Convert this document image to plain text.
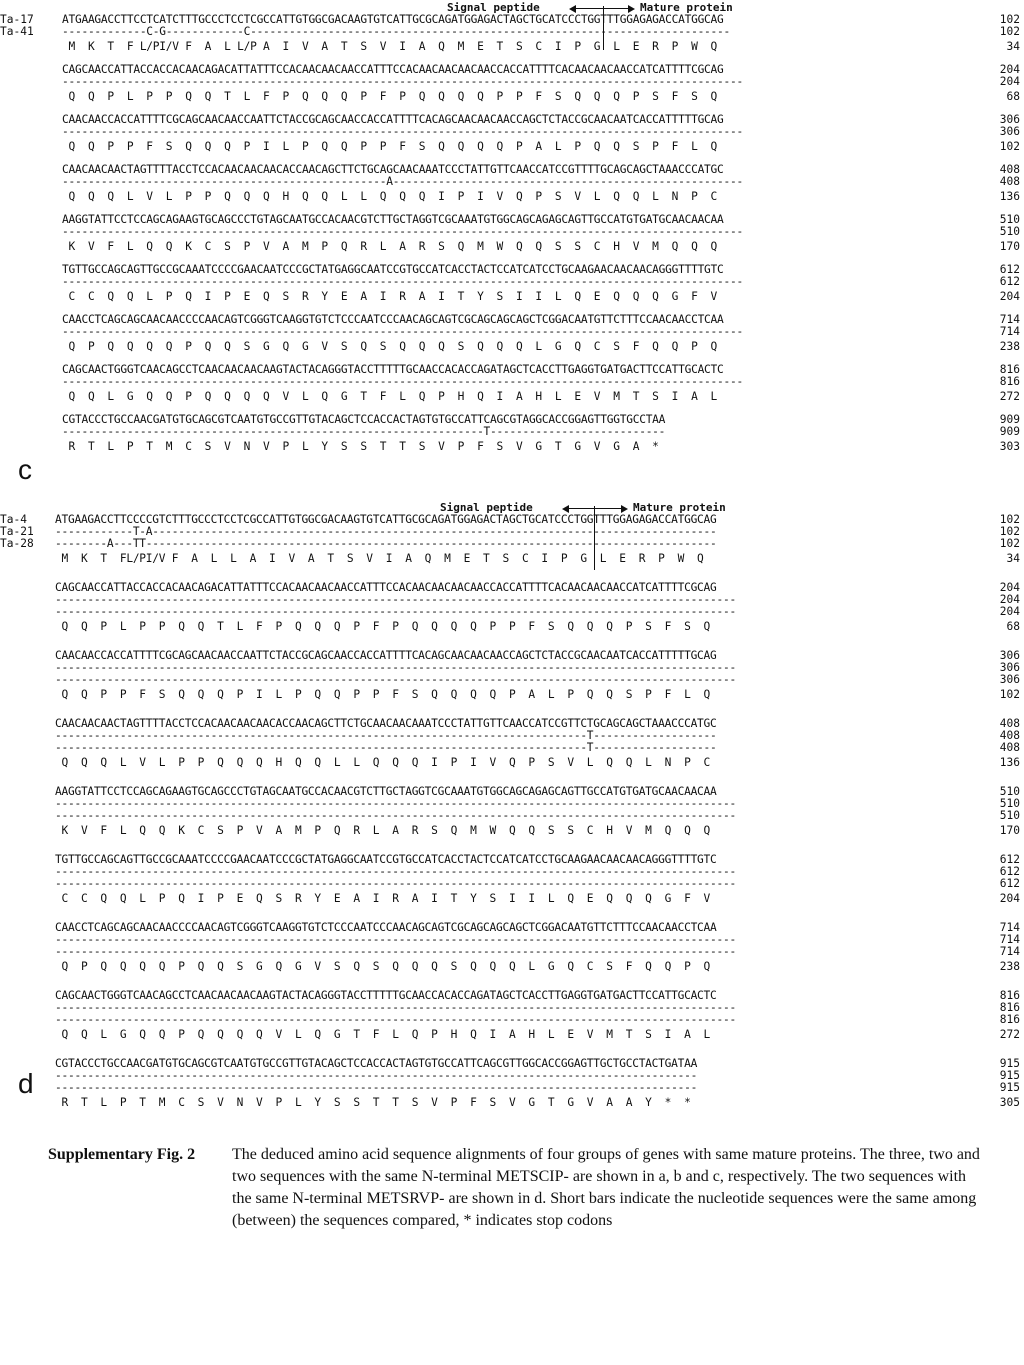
Signal peptide	Mature protein
c
Ta-17	ATGAAGACCTTCCTCATCTTTGCCCTCCTCGCCATTGTGGCGACAAGTGTCATTGCGCAGATGGAGACTAGCTGCATCCCTGGTTTGGAGAGACCATGGCAG	102
Ta-41	-------------C-G------------C--------------------------------------------------------------------------	102
M  K  T  F L/PI/V F  A  L L/P A  I  V  A  T  S  V  I  A  Q  M  E  T  S  C  I  P  G  L  E  R  P  W  Q	34
CAGCAACCATTACCACCACAACAGACATTATTTCCACAACAACAACCATTTCCACAACAACAACAACCACCATTTTCACAACAACAACCATCATTTTCGCAG	204
---------------------------------------------------------------------------------------------------------	204
Q  Q  P  L  P  P  Q  Q  T  L  F  P  Q  Q  Q  P  F  P  Q  Q  Q  Q  P  P  F  S  Q  Q  Q  P  S  F  S  Q	68
CAACAACCACCATTTTCGCAGCAACAACCAATTCTACCGCAGCAACCACCATTTTCACAGCAACAACAACCAGCTCTACCGCAACAATCACCATTTTTGCAG	306
---------------------------------------------------------------------------------------------------------	306
Q  Q  P  P  F  S  Q  Q  Q  P  I  L  P  Q  Q  P  P  F  S  Q  Q  Q  Q  P  A  L  P  Q  Q  S  P  F  L  Q	102
CAACAACAACTAGTTTTACCTCCACAACAACAACACCAACAGCTTCTGCAGCAACAAATCCCTATTGTTCAACCATCCGTTTTGCAGCAGCTAAACCCATGC	408
--------------------------------------------------A------------------------------------------------------	408
Q  Q  Q  L  V  L  P  P  Q  Q  Q  H  Q  Q  L  L  Q  Q  Q  I  P  I  V  Q  P  S  V  L  Q  Q  L  N  P  C	136
AAGGTATTCCTCCAGCAGAAGTGCAGCCCTGTAGCAATGCCACAACGTCTTGCTAGGTCGCAAATGTGGCAGCAGAGCAGTTGCCATGTGATGCAACAACAA	510
---------------------------------------------------------------------------------------------------------	510
K  V  F  L  Q  Q  K  C  S  P  V  A  M  P  Q  R  L  A  R  S  Q  M  W  Q  Q  S  S  C  H  V  M  Q  Q  Q	170
TGTTGCCAGCAGTTGCCGCAAATCCCCGAACAATCCCGCTATGAGGCAATCCGTGCCATCACCTACTCCATCATCCTGCAAGAACAACAACAGGGTTTTGTC	612
---------------------------------------------------------------------------------------------------------	612
C  C  Q  Q  L  P  Q  I  P  E  Q  S  R  Y  E  A  I  R  A  I  T  Y  S  I  I  L  Q  E  Q  Q  Q  G  F  V	204
CAACCTCAGCAGCAACAACCCCAACAGTCGGGTCAAGGTGTCTCCCAATCCCAACAGCAGTCGCAGCAGCAGCTCGGACAATGTTCTTTCCAACAACCTCAA	714
---------------------------------------------------------------------------------------------------------	714
Q  P  Q  Q  Q  Q  P  Q  Q  S  G  Q  G  V  S  Q  S  Q  Q  Q  S  Q  Q  Q  L  G  Q  C  S  F  Q  Q  P  Q	238
CAGCAACTGGGTCAACAGCCTCAACAACAACAAGTACTACAGGGTACCTTTTTGCAACCACACCAGATAGCTCACCTTGAGGTGATGACTTCCATTGCACTC	816
---------------------------------------------------------------------------------------------------------	816
Q  Q  L  G  Q  Q  P  Q  Q  Q  Q  V  L  Q  G  T  F  L  Q  P  H  Q  I  A  H  L  E  V  M  T  S  I  A  L	272
CGTACCCTGCCAACGATGTGCAGCGTCAATGTGCCGTTGTACAGCTCCACCACTAGTGTGCCATTCAGCGTAGGCACCGGAGTTGGTGCCTAA	909
-----------------------------------------------------------------T---------------------------	909
R  T  L  P  T  M  C  S  V  N  V  P  L  Y  S  S  T  T  S  V  P  F  S  V  G  T  G  V  G  A  *	303
Signal peptide	Mature protein
d
Ta-4	ATGAAGACCTTCCCCGTCTTTGCCCTCCTCGCCATTGTGGCGACAAGTGTCATTGCGCAGATGGAGACTAGCTGCATCCCTGGTTTGGAGAGACCATGGCAG	102
Ta-21 ------------T-A---------------------------------------------------------------------------------------	102
Ta-28 --------A---TT----------------------------------------------------------------------------------------	102
M  K  T  FL/PI/V F  A  L  L  A  I  V  A  T  S  V  I  A  Q  M  E  T  S  C  I  P  G  L  E  R  P  W  Q	34
CAGCAACCATTACCACCACAACAGACATTATTTCCACAACAACAACCATTTCCACAACAACAACAACCACCATTTTCACAACAACAACCATCATTTTCGCAG	204
---------------------------------------------------------------------------------------------------------	204
---------------------------------------------------------------------------------------------------------	204
Q  Q  P  L  P  P  Q  Q  T  L  F  P  Q  Q  Q  P  F  P  Q  Q  Q  Q  P  P  F  S  Q  Q  Q  P  S  F  S  Q	68
CAACAACCACCATTTTCGCAGCAACAACCAATTCTACCGCAGCAACCACCATTTTCACAGCAACAACAACCAGCTCTACCGCAACAATCACCATTTTTGCAG	306
---------------------------------------------------------------------------------------------------------	306
---------------------------------------------------------------------------------------------------------	306
Q  Q  P  P  F  S  Q  Q  Q  P  I  L  P  Q  Q  P  P  F  S  Q  Q  Q  Q  P  A  L  P  Q  Q  S  P  F  L  Q	102
CAACAACAACTAGTTTTACCTCCACAACAACAACACCAACAGCTTCTGCAACAACAAATCCCTATTGTTCAACCATCCGTTCTGCAGCAGCTAAACCCATGC	408
----------------------------------------------------------------------------------T-------------------	408
----------------------------------------------------------------------------------T-------------------	408
Q  Q  Q  L  V  L  P  P  Q  Q  Q  H  Q  Q  L  L  Q  Q  Q  I  P  I  V  Q  P  S  V  L  Q  Q  L  N  P  C	136
AAGGTATTCCTCCAGCAGAAGTGCAGCCCTGTAGCAATGCCACAACGTCTTGCTAGGTCGCAAATGTGGCAGCAGAGCAGTTGCCATGTGATGCAACAACAA	510
---------------------------------------------------------------------------------------------------------	510
---------------------------------------------------------------------------------------------------------	510
K  V  F  L  Q  Q  K  C  S  P  V  A  M  P  Q  R  L  A  R  S  Q  M  W  Q  Q  S  S  C  H  V  M  Q  Q  Q	170
TGTTGCCAGCAGTTGCCGCAAATCCCCGAACAATCCCGCTATGAGGCAATCCGTGCCATCACCTACTCCATCATCCTGCAAGAACAACAACAGGGTTTTGTC	612
---------------------------------------------------------------------------------------------------------	612
---------------------------------------------------------------------------------------------------------	612
C  C  Q  Q  L  P  Q  I  P  E  Q  S  R  Y  E  A  I  R  A  I  T  Y  S  I  I  L  Q  E  Q  Q  Q  G  F  V	204
CAACCTCAGCAGCAACAACCCCAACAGTCGGGTCAAGGTGTCTCCCAATCCCAACAGCAGTCGCAGCAGCAGCTCGGACAATGTTCTTTCCAACAACCTCAA	714
---------------------------------------------------------------------------------------------------------	714
---------------------------------------------------------------------------------------------------------	714
Q  P  Q  Q  Q  Q  P  Q  Q  S  G  Q  G  V  S  Q  S  Q  Q  Q  S  Q  Q  Q  L  G  Q  C  S  F  Q  Q  P  Q	238
CAGCAACTGGGTCAACAGCCTCAACAACAACAAGTACTACAGGGTACCTTTTTGCAACCACACCAGATAGCTCACCTTGAGGTGATGACTTCCATTGCACTC	816
---------------------------------------------------------------------------------------------------------	816
---------------------------------------------------------------------------------------------------------	816
Q  Q  L  G  Q  Q  P  Q  Q  Q  Q  V  L  Q  G  T  F  L  Q  P  H  Q  I  A  H  L  E  V  M  T  S  I  A  L	272
CGTACCCTGCCAACGATGTGCAGCGTCAATGTGCCGTTGTACAGCTCCACCACTAGTGTGCCATTCAGCGTTGGCACCGGAGTTGCTGCCTACTGATAA	915
---------------------------------------------------------------------------------------------------	915
---------------------------------------------------------------------------------------------------	915
R  T  L  P  T  M  C  S  V  N  V  P  L  Y  S  S  T  T  S  V  P  F  S  V  G  T  G  V  A  A  Y  *  *	305
Supplementary Fig. 2 The deduced amino acid sequence alignments of four groups of genes with same mature proteins. The three, two and two sequences with the same N-terminal METSCIP- are shown in a, b and c, respectively. The two sequences with the same N-terminal METSRVP- are shown in d. Short bars indicate the nucleotide sequences were the same among (between) the sequences compared, * indicates stop codons
